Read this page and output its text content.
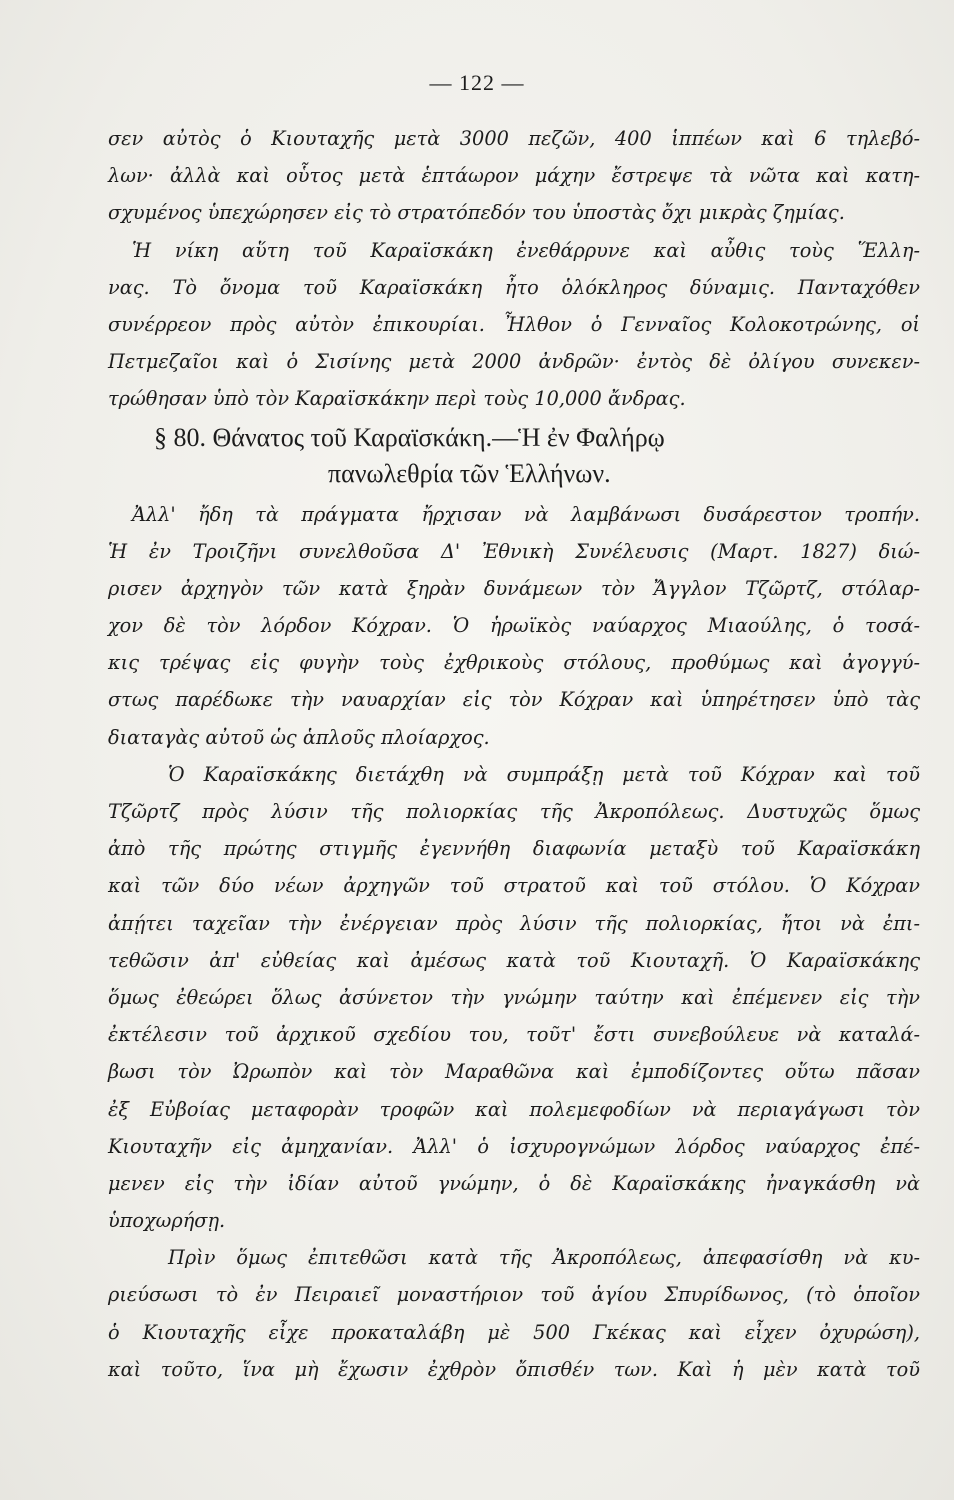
— 122 —
σεν αὐτὸς ὁ Κιουταχῆς μετὰ 3000 πεζῶν, 400 ἱππέων καὶ 6 τηλεβό-
λων· ἀλλὰ καὶ οὗτος μετὰ ἑπτάωρον μάχην ἔστρεψε τὰ νῶτα καὶ κατη-
σχυμένος ὑπεχώρησεν εἰς τὸ στρατόπεδόν του ὑποστὰς ὄχι μικρὰς ζημίας.
Ἡ νίκη αὕτη τοῦ Καραϊσκάκη ἐνεθάρρυνε καὶ αὖθις τοὺς Ἕλλη-
νας. Τὸ ὄνομα τοῦ Καραϊσκάκη ἦτο ὁλόκληρος δύναμις. Πανταχόθεν
συνέρρεον πρὸς αὐτὸν ἐπικουρίαι. Ἦλθον ὁ Γενναῖος Κολοκοτρώνης, οἱ
Πετμεζαῖοι καὶ ὁ Σισίνης μετὰ 2000 ἀνδρῶν· ἐντὸς δὲ ὀλίγου συνεκεν-
τρώθησαν ὑπὸ τὸν Καραϊσκάκην περὶ τοὺς 10,000 ἄνδρας.
§ 80. Θάνατος τοῦ Καραϊσκάκη.—Ἡ ἐν Φαλήρῳ
πανωλεθρία τῶν Ἑλλήνων.
Ἀλλ' ἤδη τὰ πράγματα ἤρχισαν νὰ λαμβάνωσι δυσάρεστον τροπήν.
Ἡ ἐν Τροιζῆνι συνελθοῦσα Δ' Ἐθνικὴ Συνέλευσις (Μαρτ. 1827) διώ-
ρισεν ἀρχηγὸν τῶν κατὰ ξηρὰν δυνάμεων τὸν Ἄγγλον Τζῶρτζ, στόλαρ-
χον δὲ τὸν λόρδον Κόχραν. Ὁ ἡρωϊκὸς ναύαρχος Μιαούλης, ὁ τοσά-
κις τρέψας εἰς φυγὴν τοὺς ἐχθρικοὺς στόλους, προθύμως καὶ ἀγογγύ-
στως παρέδωκε τὴν ναυαρχίαν εἰς τὸν Κόχραν καὶ ὑπηρέτησεν ὑπὸ τὰς
διαταγὰς αὐτοῦ ὡς ἁπλοῦς πλοίαρχος.
Ὁ Καραϊσκάκης διετάχθη νὰ συμπράξῃ μετὰ τοῦ Κόχραν καὶ τοῦ
Τζῶρτζ πρὸς λύσιν τῆς πολιορκίας τῆς Ἀκροπόλεως. Δυστυχῶς ὅμως
ἀπὸ τῆς πρώτης στιγμῆς ἐγεννήθη διαφωνία μεταξὺ τοῦ Καραϊσκάκη
καὶ τῶν δύο νέων ἀρχηγῶν τοῦ στρατοῦ καὶ τοῦ στόλου. Ὁ Κόχραν
ἀπῄτει ταχεῖαν τὴν ἐνέργειαν πρὸς λύσιν τῆς πολιορκίας, ἤτοι νὰ ἐπι-
τεθῶσιν ἀπ' εὐθείας καὶ ἀμέσως κατὰ τοῦ Κιουταχῆ. Ὁ Καραϊσκάκης
ὅμως ἐθεώρει ὅλως ἀσύνετον τὴν γνώμην ταύτην καὶ ἐπέμενεν εἰς τὴν
ἐκτέλεσιν τοῦ ἀρχικοῦ σχεδίου του, τοῦτ' ἔστι συνεβούλευε νὰ καταλά-
βωσι τὸν Ὠρωπὸν καὶ τὸν Μαραθῶνα καὶ ἐμποδίζοντες οὕτω πᾶσαν
ἐξ Εὐβοίας μεταφορὰν τροφῶν καὶ πολεμεφοδίων νὰ περιαγάγωσι τὸν
Κιουταχῆν εἰς ἀμηχανίαν. Ἀλλ' ὁ ἰσχυρογνώμων λόρδος ναύαρχος ἐπέ-
μενεν εἰς τὴν ἰδίαν αὐτοῦ γνώμην, ὁ δὲ Καραϊσκάκης ἠναγκάσθη νὰ
ὑποχωρήσῃ.
Πρὶν ὅμως ἐπιτεθῶσι κατὰ τῆς Ἀκροπόλεως, ἀπεφασίσθη νὰ κυ-
ριεύσωσι τὸ ἐν Πειραιεῖ μοναστήριον τοῦ ἁγίου Σπυρίδωνος, (τὸ ὁποῖον
ὁ Κιουταχῆς εἶχε προκαταλάβη μὲ 500 Γκέκας καὶ εἶχεν ὀχυρώση),
καὶ τοῦτο, ἵνα μὴ ἔχωσιν ἐχθρὸν ὄπισθέν των. Καὶ ἡ μὲν κατὰ τοῦ
